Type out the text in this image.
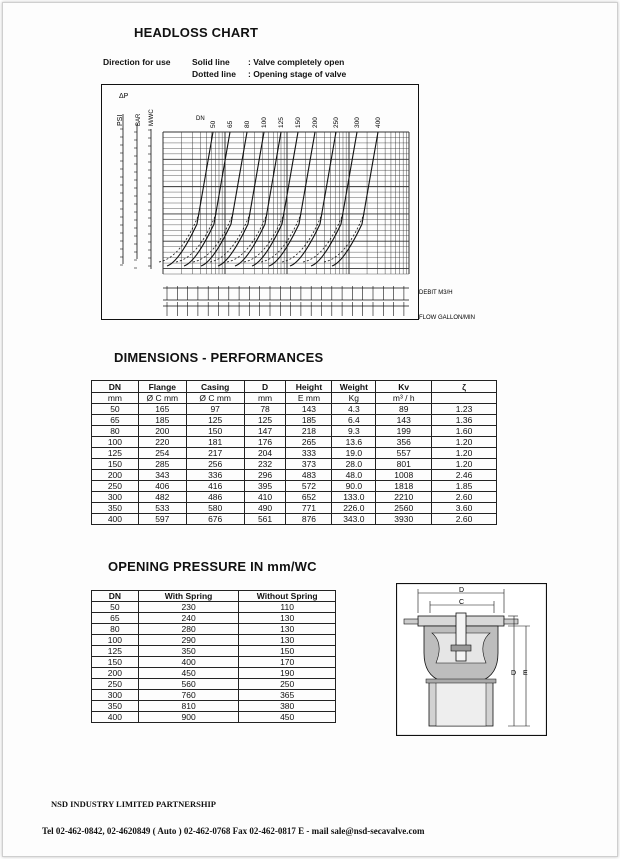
HEADLOSS CHART
Direction for use	Solid line : Valve completely open
Dotted line : Opening stage of valve
ΔP
PSI BAR M/WC	DN
50 65 80 100 125 150 200 250 300 400
DEBIT M3/H
FLOW GALLON/MIN
DIMENSIONS - PERFORMANCES
DN	Flange	Casing	D	Height	Weight	Kv	ζ
mm	Ø C mm	Ø C mm	mm	E mm	Kg	m³ / h	
50	165	97	78	143	4.3	89	1.23
65	185	125	125	185	6.4	143	1.36
80	200	150	147	218	9.3	199	1.60
100	220	181	176	265	13.6	356	1.20
125	254	217	204	333	19.0	557	1.20
150	285	256	232	373	28.0	801	1.20
200	343	336	296	483	48.0	1008	2.46
250	406	416	395	572	90.0	1818	1.85
300	482	486	410	652	133.0	2210	2.60
350	533	580	490	771	226.0	2560	3.60
400	597	676	561	876	343.0	3930	2.60
OPENING PRESSURE IN mm/WC
DN	With Spring	Without Spring
50	230	110
65	240	130
80	280	130
100	290	130
125	350	150
150	400	170
200	450	190
250	560	250
300	760	365
350	810	380
400	900	450
D
C
D E
NSD INDUSTRY LIMITED PARTNERSHIP
Tel 02-462-0842, 02-4620849 ( Auto ) 02-462-0768 Fax 02-462-0817 E - mail sale@nsd-secavalve.com
